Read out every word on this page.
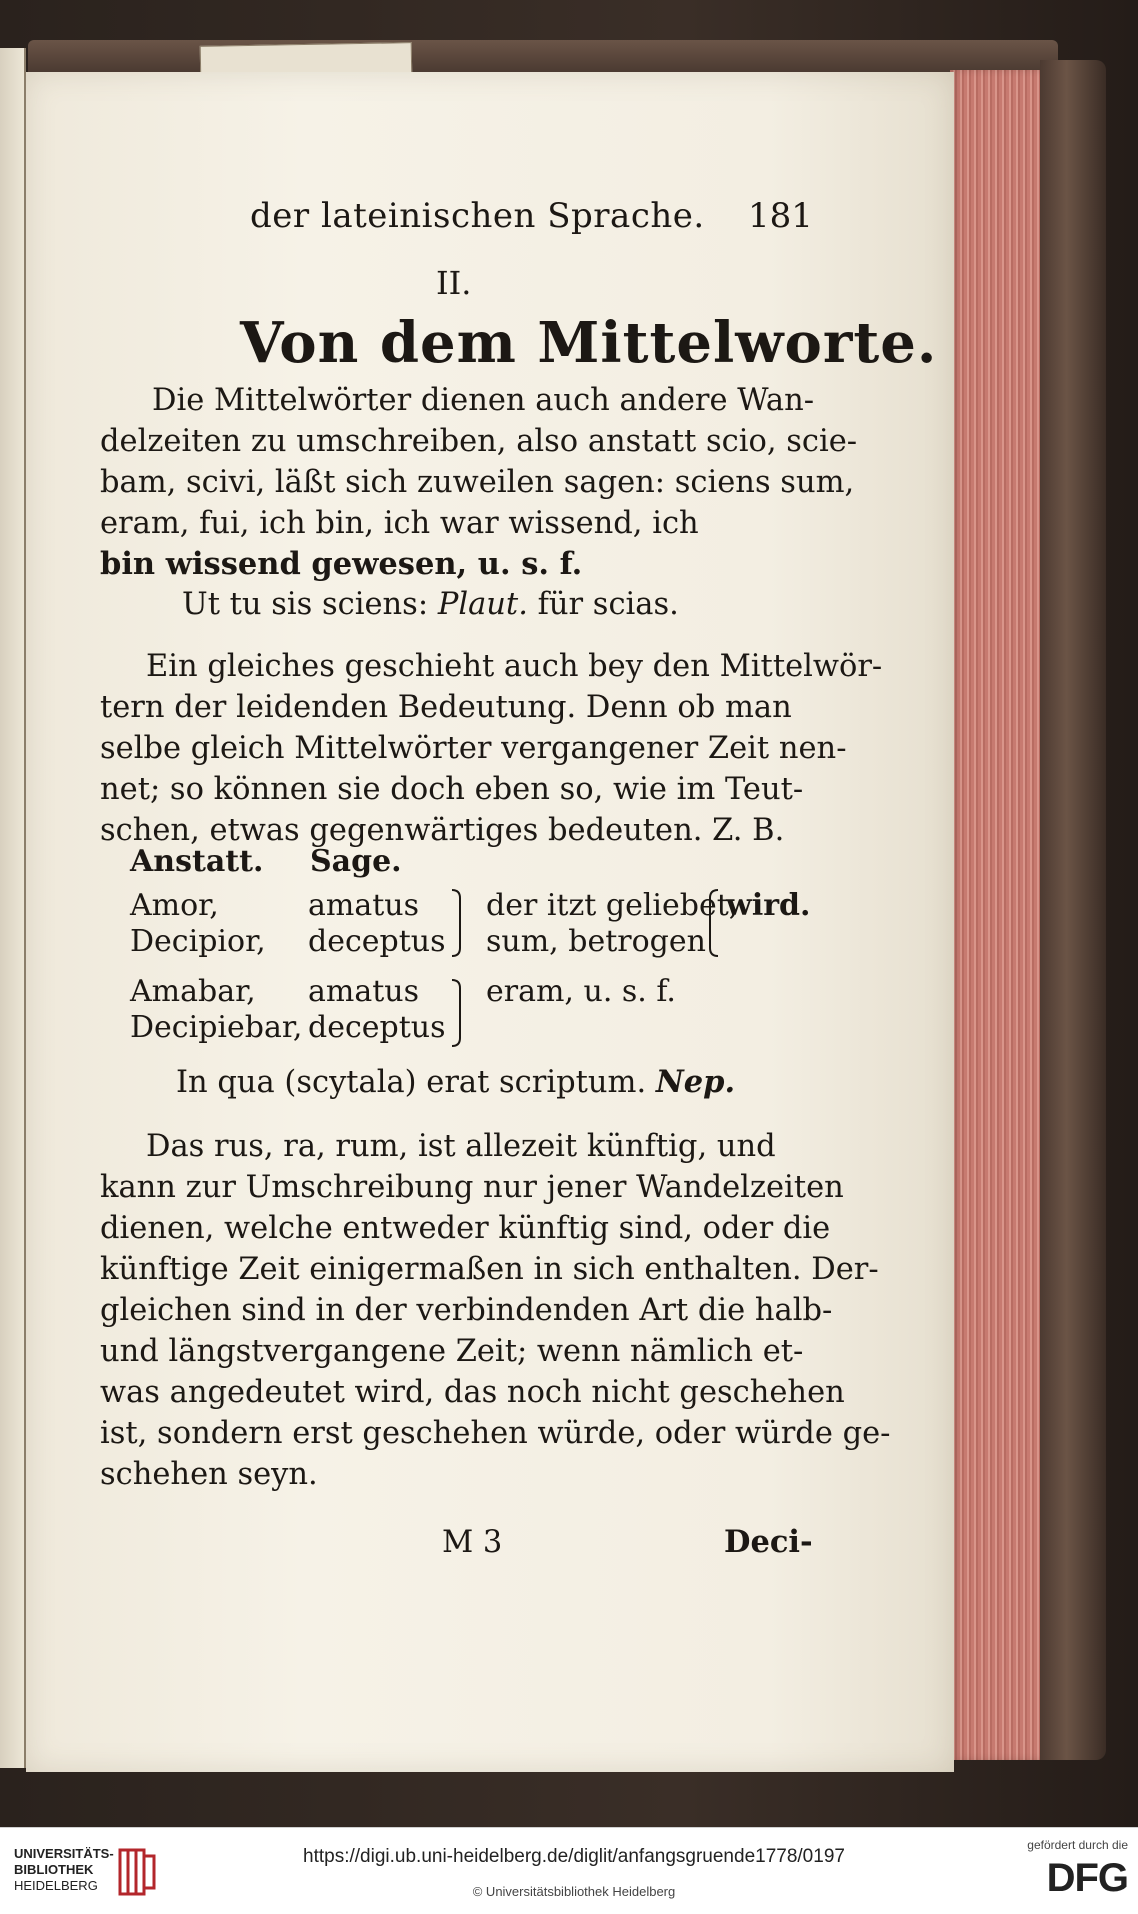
der lateinischen Sprache. 181
II.
Von dem Mittelworte.
Die Mittelwörter dienen auch andere Wan-
delzeiten zu umschreiben, also anstatt scio, scie-
bam, scivi, läßt sich zuweilen sagen: sciens sum,
eram, fui, ich bin, ich war wissend, ich
bin wissend gewesen, u. s. f.
Ut tu sis sciens: Plaut. für scias.
Ein gleiches geschieht auch bey den Mittelwör-
tern der leidenden Bedeutung. Denn ob man
selbe gleich Mittelwörter vergangener Zeit nen-
net; so können sie doch eben so, wie im Teut-
schen, etwas gegenwärtiges bedeuten. Z. B.
Anstatt. Sage.
Amor,	amatus der itzt geliebet,
wird.
Decipior, deceptus sum, betrogen
Amabar, amatus eram, u. s. f.
Decipiebar, deceptus
In qua (scytala) erat scriptum. Nep.
Das rus, ra, rum, ist allezeit künftig, und
kann zur Umschreibung nur jener Wandelzeiten
dienen, welche entweder künftig sind, oder die
künftige Zeit einigermaßen in sich enthalten. Der-
gleichen sind in der verbindenden Art die halb-
und längstvergangene Zeit; wenn nämlich et-
was angedeutet wird, das noch nicht geschehen
ist, sondern erst geschehen würde, oder würde ge-
schehen seyn.
M 3	Deci-
UNIVERSITÄTS-
BIBLIOTHEK
HEIDELBERG
https://digi.ub.uni-heidelberg.de/diglit/anfangsgruende1778/0197
© Universitätsbibliothek Heidelberg
gefördert durch die
DFG
